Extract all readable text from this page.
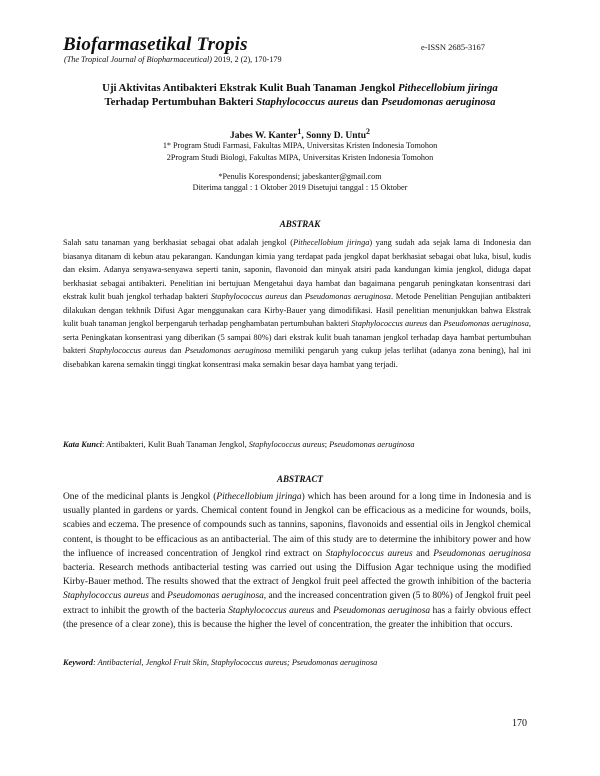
Biofarmasetikal Tropis	e-ISSN 2685-3167
(The Tropical Journal of Biopharmaceutical) 2019, 2 (2), 170-179
Uji Aktivitas Antibakteri Ekstrak Kulit Buah Tanaman Jengkol Pithecellobium jiringa
Terhadap Pertumbuhan Bakteri Staphylococcus aureus dan Pseudomonas aeruginosa
Jabes W. Kanter$^1$, Sonny D. Untu$^2$
1* Program Studi Farmasi, Fakultas MIPA, Universitas Kristen Indonesia Tomohon
2Program Studi Biologi, Fakultas MIPA, Universitas Kristen Indonesia Tomohon
*Penulis Korespondensi; jabeskanter@gmail.com
Diterima tanggal : 1 Oktober 2019 Disetujui tanggal : 15 Oktober
ABSTRAK

Salah satu tanaman yang berkhasiat sebagai obat adalah jengkol (Pithecellobium jiringa) yang sudah ada sejak lama di Indonesia dan biasanya ditanam di kebun atau pekarangan. Kandungan kimia yang terdapat pada jengkol dapat berkhasiat sebagai obat luka, bisul, kudis dan eksim. Adanya senyawa-senyawa seperti tanin, saponin, flavonoid dan minyak atsiri pada kandungan kimia jengkol, diduga dapat berkhasiat sebagai antibakteri. Penelitian ini bertujuan Mengetahui daya hambat dan bagaimana pengaruh peningkatan konsentrasi dari ekstrak kulit buah jengkol terhadap bakteri Staphylococcus aureus dan Pseudomonas aeruginosa. Metode Penelitian Pengujian antibakteri dilakukan dengan tekhnik Difusi Agar menggunakan cara Kirby-Bauer yang dimodifikasi. Hasil penelitian menunjukkan bahwa Ekstrak kulit buah tanaman jengkol berpengaruh terhadap penghambatan pertumbuhan bakteri Staphylococcus aureus dan Pseudomonas aeruginosa, serta Peningkatan konsentrasi yang diberikan (5 sampai 80%) dari ekstrak kulit buah tanaman jengkol terhadap daya hambat pertumbuhan bakteri Staphylococcus aureus dan Pseudomonas aeruginosa memiliki pengaruh yang cukup jelas terlihat (adanya zona bening), hal ini disebabkan karena semakin tinggi tingkat konsentrasi maka semakin besar daya hambat yang terjadi.

Kata Kunci: Antibakteri, Kulit Buah Tanaman Jengkol, Staphylococcus aureus; Pseudomonas aeruginosa
ABSTRACT

One of the medicinal plants is Jengkol (Pithecellobium jiringa) which has been around for a long time in Indonesia and is usually planted in gardens or yards. Chemical content found in Jengkol can be efficacious as a medicine for wounds, boils, scabies and eczema. The presence of compounds such as tannins, saponins, flavonoids and essential oils in Jengkol chemical content, is thought to be efficacious as an antibacterial. The aim of this study are to determine the inhibitory power and how the influence of increased concentration of Jengkol rind extract on Staphylococcus aureus and Pseudomonas aeruginosa bacteria. Research methods antibacterial testing was carried out using the Diffusion Agar technique using the modified Kirby-Bauer method. The results showed that the extract of Jengkol fruit peel affected the growth inhibition of the bacteria Staphylococcus aureus and Pseudomonas aeruginosa, and the increased concentration given (5 to 80%) of Jengkol fruit peel extract to inhibit the growth of the bacteria Staphylococcus aureus and Pseudomonas aeruginosa has a fairly obvious effect (the presence of a clear zone), this is because the higher the level of concentration, the greater the inhibition that occurs.

Keyword: Antibacterial, Jengkol Fruit Skin, Staphylococcus aureus; Pseudomonas aeruginosa
170
